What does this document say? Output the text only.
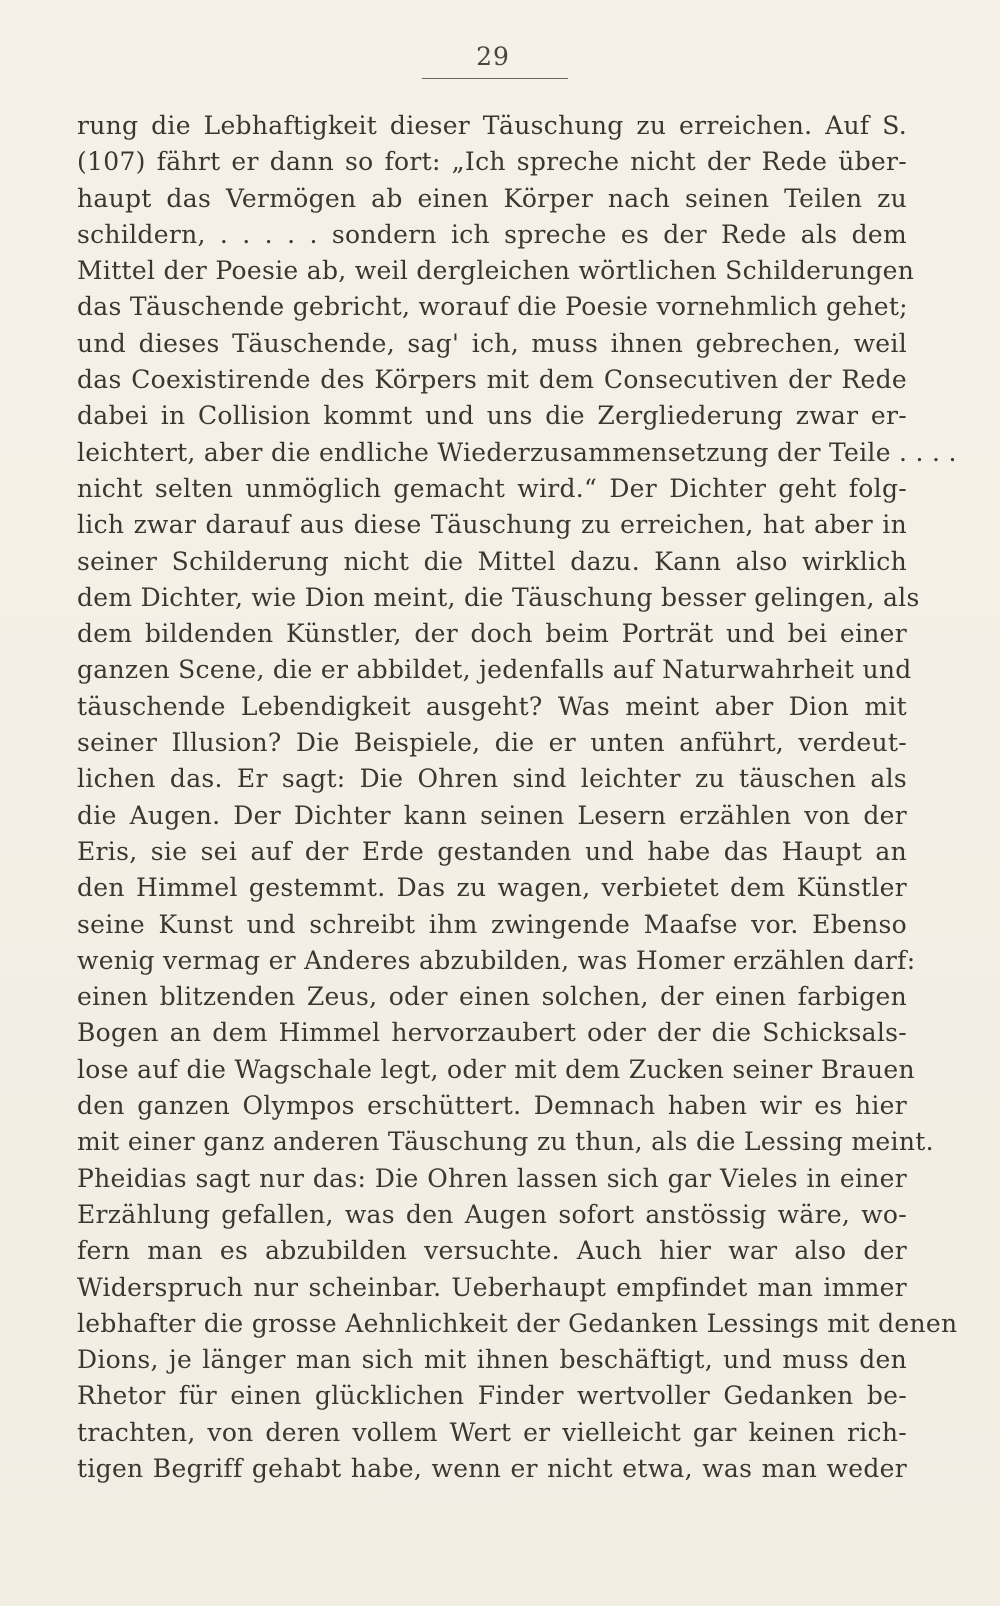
29
rung die Lebhaftigkeit dieser Täuschung zu erreichen. Auf S.
(107) fährt er dann so fort: „Ich spreche nicht der Rede über-
haupt das Vermögen ab einen Körper nach seinen Teilen zu
schildern, . . . . . sondern ich spreche es der Rede als dem
Mittel der Poesie ab, weil dergleichen wörtlichen Schilderungen
das Täuschende gebricht, worauf die Poesie vornehmlich gehet;
und dieses Täuschende, sag' ich, muss ihnen gebrechen, weil
das Coexistirende des Körpers mit dem Consecutiven der Rede
dabei in Collision kommt und uns die Zergliederung zwar er-
leichtert, aber die endliche Wiederzusammensetzung der Teile . . . .
nicht selten unmöglich gemacht wird.“ Der Dichter geht folg-
lich zwar darauf aus diese Täuschung zu erreichen, hat aber in
seiner Schilderung nicht die Mittel dazu. Kann also wirklich
dem Dichter, wie Dion meint, die Täuschung besser gelingen, als
dem bildenden Künstler, der doch beim Porträt und bei einer
ganzen Scene, die er abbildet, jedenfalls auf Naturwahrheit und
täuschende Lebendigkeit ausgeht? Was meint aber Dion mit
seiner Illusion? Die Beispiele, die er unten anführt, verdeut-
lichen das. Er sagt: Die Ohren sind leichter zu täuschen als
die Augen. Der Dichter kann seinen Lesern erzählen von der
Eris, sie sei auf der Erde gestanden und habe das Haupt an
den Himmel gestemmt. Das zu wagen, verbietet dem Künstler
seine Kunst und schreibt ihm zwingende Maafse vor. Ebenso
wenig vermag er Anderes abzubilden, was Homer erzählen darf:
einen blitzenden Zeus, oder einen solchen, der einen farbigen
Bogen an dem Himmel hervorzaubert oder der die Schicksals-
lose auf die Wagschale legt, oder mit dem Zucken seiner Brauen
den ganzen Olympos erschüttert. Demnach haben wir es hier
mit einer ganz anderen Täuschung zu thun, als die Lessing meint.
Pheidias sagt nur das: Die Ohren lassen sich gar Vieles in einer
Erzählung gefallen, was den Augen sofort anstössig wäre, wo-
fern man es abzubilden versuchte. Auch hier war also der
Widerspruch nur scheinbar. Ueberhaupt empfindet man immer
lebhafter die grosse Aehnlichkeit der Gedanken Lessings mit denen
Dions, je länger man sich mit ihnen beschäftigt, und muss den
Rhetor für einen glücklichen Finder wertvoller Gedanken be-
trachten, von deren vollem Wert er vielleicht gar keinen rich-
tigen Begriff gehabt habe, wenn er nicht etwa, was man weder
